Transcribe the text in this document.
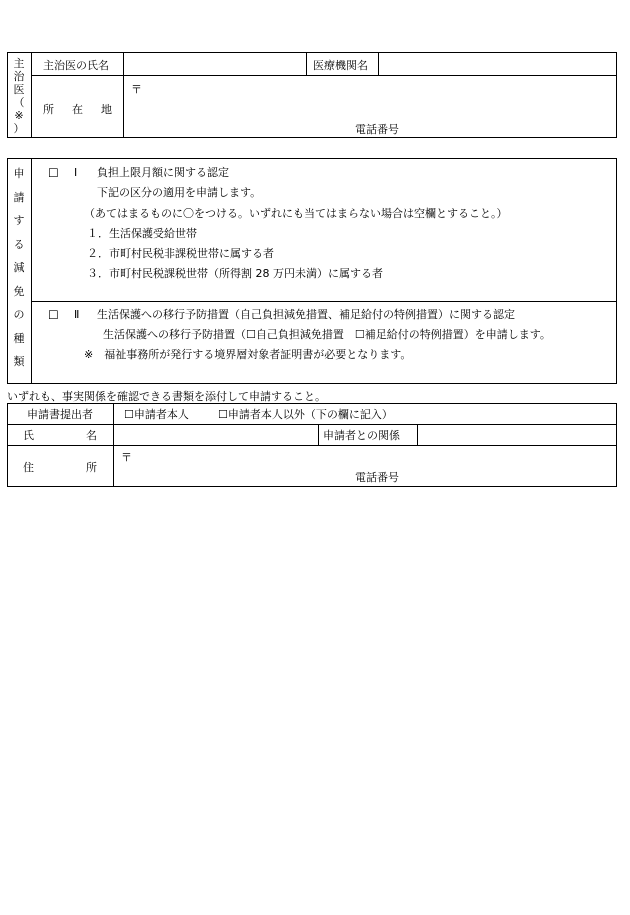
主
治
医
（
※
）
主治医の氏名	医療機関名
所 在 地
〒
電話番号
申
請
す
る
減
免
の
種
類
☐ Ⅰ 負担上限月額に関する認定
下記の区分の適用を申請します。
（あてはまるものに〇をつける。いずれにも当てはまらない場合は空欄とすること。）
１．生活保護受給世帯
２．市町村民税非課税世帯に属する者
３．市町村民税課税世帯（所得割 28 万円未満）に属する者
☐ Ⅱ 生活保護への移行予防措置（自己負担減免措置、補足給付の特例措置）に関する認定
生活保護への移行予防措置（☐自己負担減免措置　☐補足給付の特例措置）を申請します。
※　福祉事務所が発行する境界層対象者証明書が必要となります。
いずれも、事実関係を確認できる書類を添付して申請すること。
申請書提出者	☐申請者本人	☐申請者本人以外（下の欄に記入）
氏	名	申請者との関係
住	所
〒
電話番号
